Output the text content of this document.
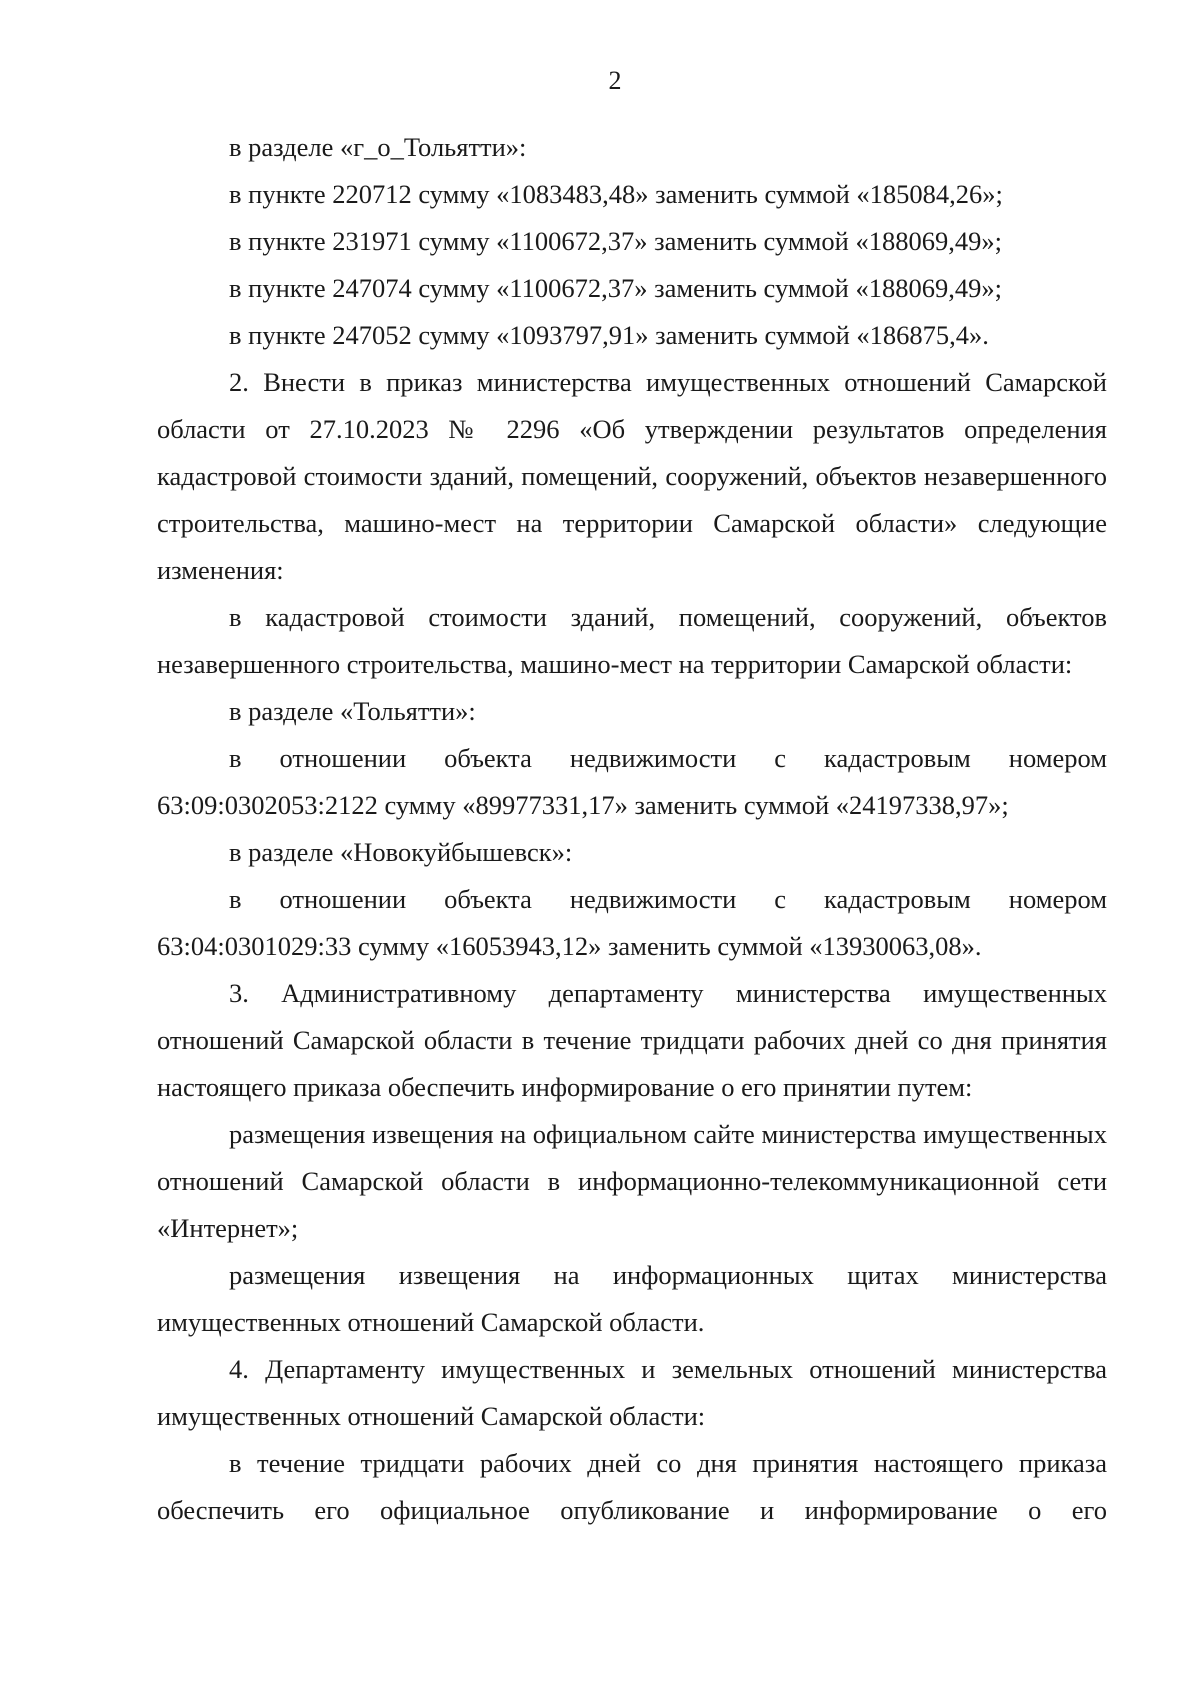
2

в разделе «г_о_Тольятти»:

в пункте 220712 сумму «1083483,48» заменить суммой «185084,26»;

в пункте 231971 сумму «1100672,37» заменить суммой «188069,49»;

в пункте 247074 сумму «1100672,37» заменить суммой «188069,49»;

в пункте 247052 сумму «1093797,91» заменить суммой «186875,4».

2. Внести в приказ министерства имущественных отношений Самарской области от 27.10.2023 № 2296 «Об утверждении результатов определения кадастровой стоимости зданий, помещений, сооружений, объектов незавершенного строительства, машино-мест на территории Самарской области» следующие изменения:

в кадастровой стоимости зданий, помещений, сооружений, объектов незавершенного строительства, машино-мест на территории Самарской области:

в разделе «Тольятти»:

в отношении объекта недвижимости с кадастровым номером 63:09:0302053:2122 сумму «89977331,17» заменить суммой «24197338,97»;

в разделе «Новокуйбышевск»:

в отношении объекта недвижимости с кадастровым номером 63:04:0301029:33 сумму «16053943,12» заменить суммой «13930063,08».

3. Административному департаменту министерства имущественных отношений Самарской области в течение тридцати рабочих дней со дня принятия настоящего приказа обеспечить информирование о его принятии путем:

размещения извещения на официальном сайте министерства имущественных отношений Самарской области в информационно-телекоммуникационной сети «Интернет»;

размещения извещения на информационных щитах министерства имущественных отношений Самарской области.

4. Департаменту имущественных и земельных отношений министерства имущественных отношений Самарской области:

в течение тридцати рабочих дней со дня принятия настоящего приказа обеспечить его официальное опубликование и информирование о его
